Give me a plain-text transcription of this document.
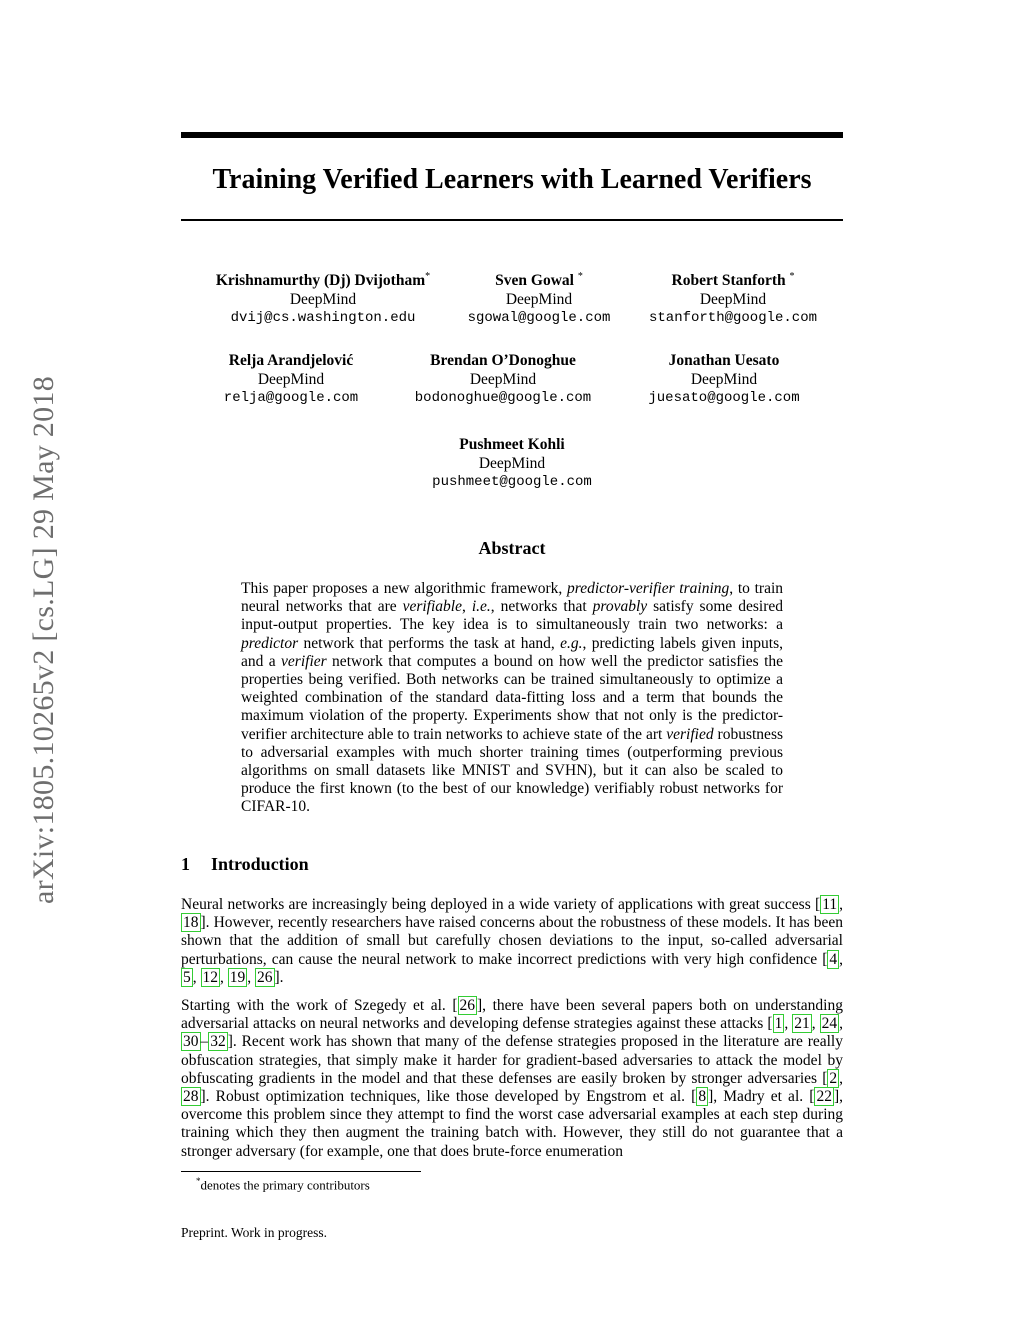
arXiv:1805.10265v2 [cs.LG] 29 May 2018
Training Verified Learners with Learned Verifiers
Krishnamurthy (Dj) Dvijotham*
DeepMind
dvij@cs.washington.edu
Sven Gowal *
DeepMind
sgowal@google.com
Robert Stanforth *
DeepMind
stanforth@google.com
Relja Arandjelović
DeepMind
relja@google.com
Brendan O’Donoghue
DeepMind
bodonoghue@google.com
Jonathan Uesato
DeepMind
juesato@google.com
Pushmeet Kohli
DeepMind
pushmeet@google.com
Abstract

This paper proposes a new algorithmic framework, predictor-verifier training, to train neural networks that are verifiable, i.e., networks that provably satisfy some desired input-output properties. The key idea is to simultaneously train two networks: a predictor network that performs the task at hand, e.g., predicting labels given inputs, and a verifier network that computes a bound on how well the predictor satisfies the properties being verified. Both networks can be trained simultaneously to optimize a weighted combination of the standard data-fitting loss and a term that bounds the maximum violation of the property. Experiments show that not only is the predictor-verifier architecture able to train networks to achieve state of the art verified robustness to adversarial examples with much shorter training times (outperforming previous algorithms on small datasets like MNIST and SVHN), but it can also be scaled to produce the first known (to the best of our knowledge) verifiably robust networks for CIFAR-10.

1 Introduction

Neural networks are increasingly being deployed in a wide variety of applications with great success [ 11 , 18 ]. However, recently researchers have raised concerns about the robustness of these models. It has been shown that the addition of small but carefully chosen deviations to the input, so-called adversarial perturbations, can cause the neural network to make incorrect predictions with very high confidence [ 4 , 5 , 12 , 19 , 26 ].

Starting with the work of Szegedy et al. [ 26 ], there have been several papers both on understanding adversarial attacks on neural networks and developing defense strategies against these attacks [ 1 , 21 , 24 , 30 – 32 ]. Recent work has shown that many of the defense strategies proposed in the literature are really obfuscation strategies, that simply make it harder for gradient-based adversaries to attack the model by obfuscating gradients in the model and that these defenses are easily broken by stronger adversaries [ 2 , 28 ]. Robust optimization techniques, like those developed by Engstrom et al. [ 8 ], Madry et al. [ 22 ], overcome this problem since they attempt to find the worst case adversarial examples at each step during training which they then augment the training batch with. However, they still do not guarantee that a stronger adversary (for example, one that does brute-force enumeration

*denotes the primary contributors

Preprint. Work in progress.
